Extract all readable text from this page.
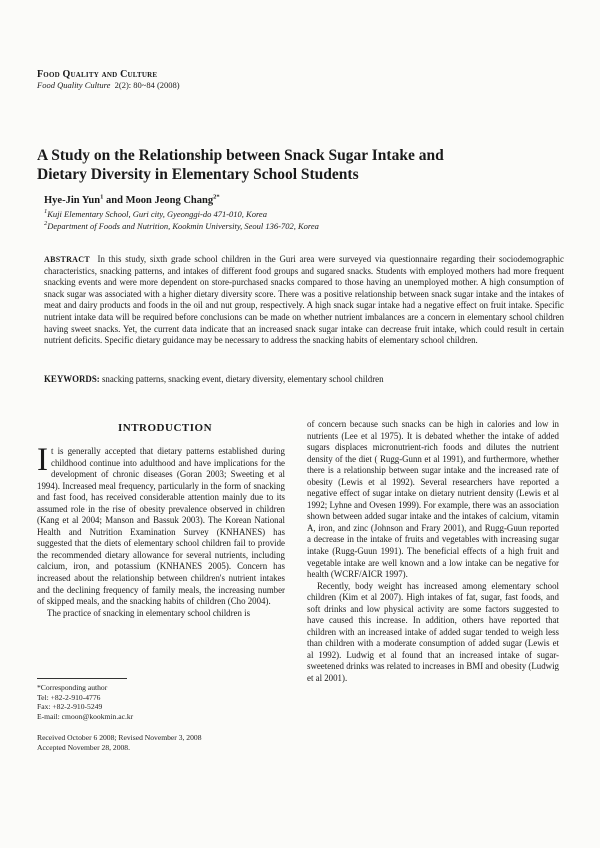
Food Quality and Culture
Food Quality Culture 2(2): 80~84 (2008)
A Study on the Relationship between Snack Sugar Intake and
Dietary Diversity in Elementary School Students
Hye-Jin Yun$^1$ and Moon Jeong Chang$^{2*}$
$^1$Kuji Elementary School, Guri city, Gyeonggi-do 471-010, Korea
$^2$Department of Foods and Nutrition, Kookmin University, Seoul 136-702, Korea
ABSTRACT In this study, sixth grade school children in the Guri area were surveyed via questionnaire regarding their sociodemographic characteristics, snacking patterns, and intakes of different food groups and sugared snacks. Students with employed mothers had more frequent snacking events and were more dependent on store-purchased snacks compared to those having an unemployed mother. A high consumption of snack sugar was associated with a higher dietary diversity score. There was a positive relationship between snack sugar intake and the intakes of meat and dairy products and foods in the oil and nut group, respectively. A high snack sugar intake had a negative effect on fruit intake. Specific nutrient intake data will be required before conclusions can be made on whether nutrient imbalances are a concern in elementary school children having sweet snacks. Yet, the current data indicate that an increased snack sugar intake can decrease fruit intake, which could result in certain nutrient deficits. Specific dietary guidance may be necessary to address the snacking habits of elementary school children.
KEYWORDS: snacking patterns, snacking event, dietary diversity, elementary school children
INTRODUCTION

It is generally accepted that dietary patterns established during childhood continue into adulthood and have implications for the development of chronic diseases (Goran 2003; Sweeting et al 1994). Increased meal frequency, particularly in the form of snacking and fast food, has received considerable attention mainly due to its assumed role in the rise of obesity prevalence observed in children (Kang et al 2004; Manson and Bassuk 2003). The Korean National Health and Nutrition Examination Survey (KNHANES) has suggested that the diets of elementary school children fail to provide the recommended dietary allowance for several nutrients, including calcium, iron, and potassium (KNHANES 2005). Concern has increased about the relationship between children's nutrient intakes and the declining frequency of family meals, the increasing number of skipped meals, and the snacking habits of children (Cho 2004).

The practice of snacking in elementary school children is

of concern because such snacks can be high in calories and low in nutrients (Lee et al 1975). It is debated whether the intake of added sugars displaces micronutrient-rich foods and dilutes the nutrient density of the diet ( Rugg-Gunn et al 1991), and furthermore, whether there is a relationship between sugar intake and the increased rate of obesity (Lewis et al 1992). Several researchers have reported a negative effect of sugar intake on dietary nutrient density (Lewis et al 1992; Lyhne and Ovesen 1999). For example, there was an association shown between added sugar intake and the intakes of calcium, vitamin A, iron, and zinc (Johnson and Frary 2001), and Rugg-Guun reported a decrease in the intake of fruits and vegetables with increasing sugar intake (Rugg-Guun 1991). The beneficial effects of a high fruit and vegetable intake are well known and a low intake can be negative for health (WCRF/AICR 1997).

Recently, body weight has increased among elementary school children (Kim et al 2007). High intakes of fat, sugar, fast foods, and soft drinks and low physical activity are some factors suggested to have caused this increase. In addition, others have reported that children with an increased intake of added sugar tended to weigh less than children with a moderate consumption of added sugar (Lewis et al 1992). Ludwig et al found that an increased intake of sugar-sweetened drinks was related to increases in BMI and obesity (Ludwig et al 2001).

*Corresponding author
Tel: +82-2-910-4776
Fax: +82-2-910-5249
E-mail: cmoon@kookmin.ac.kr
Received October 6 2008; Revised November 3, 2008
Accepted November 28, 2008.
